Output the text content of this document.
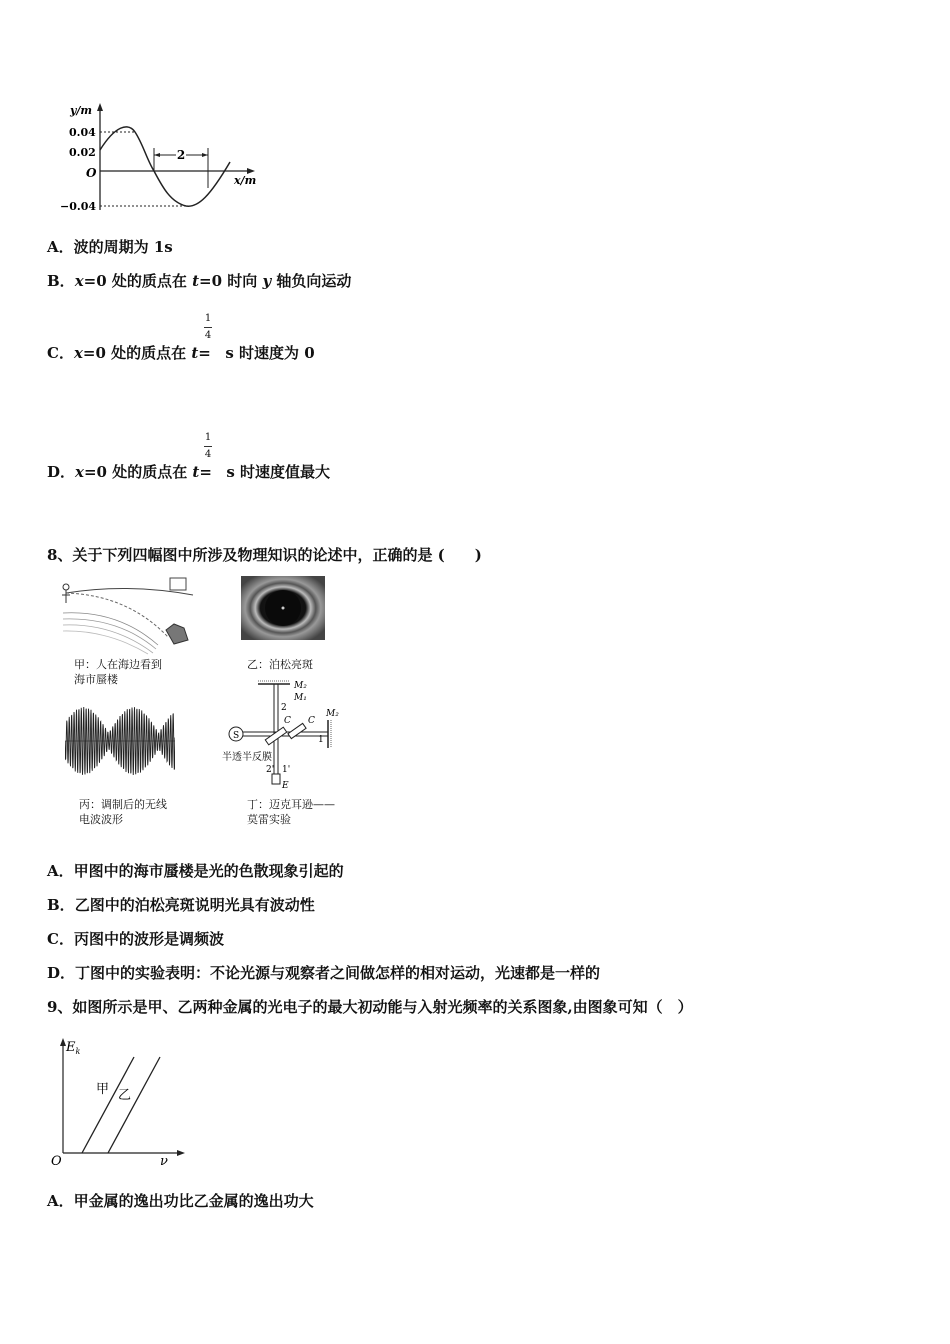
2
y/m
x/m
O
0.04
0.02
−0.04
A．波的周期为 1s
B．x=0 处的质点在 t=0 时向 y 轴负向运动
1
4
C．x=0 处的质点在 t=  s 时速度为 0
1
4
D．x=0 处的质点在 t=  s 时速度值最大
8、关于下列四幅图中所涉及物理知识的论述中，正确的是 (　　)
甲：人在海边看到
海市蜃楼
乙：泊松亮斑
丙：调制后的无线
电波波形
S
M₂
M₁
M₂
C C
2
1
2' 1'
E
半透半反膜
丁：迈克耳逊——
莫雷实验
A．甲图中的海市蜃楼是光的色散现象引起的
B．乙图中的泊松亮斑说明光具有波动性
C．丙图中的波形是调频波
D．丁图中的实验表明：不论光源与观察者之间做怎样的相对运动，光速都是一样的
9、如图所示是甲、乙两种金属的光电子的最大初动能与入射光频率的关系图象,由图象可知（　）
$E_k$
ν
O
甲 乙
A．甲金属的逸出功比乙金属的逸出功大
